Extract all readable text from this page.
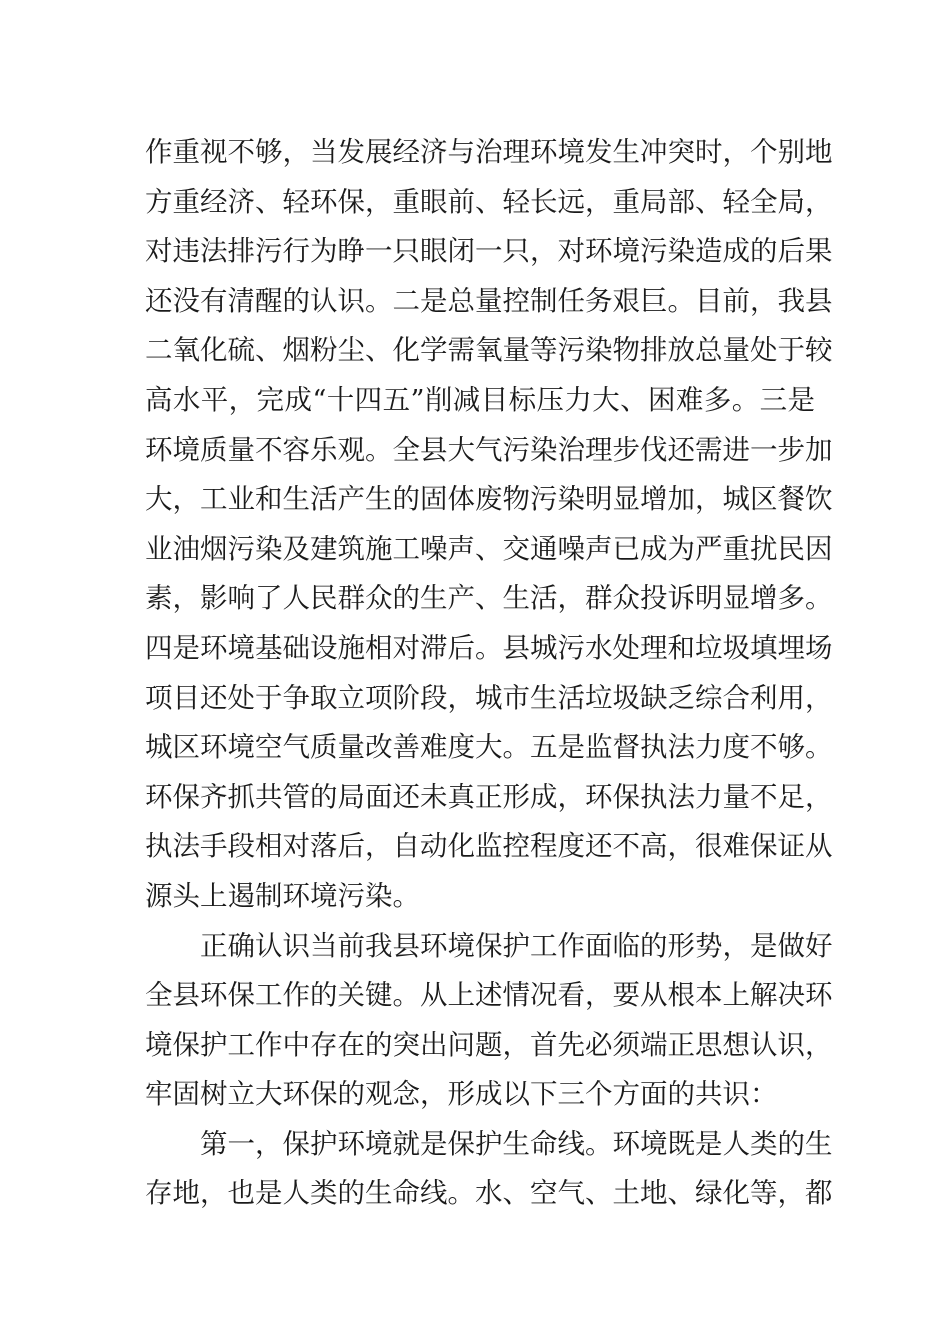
作重视不够，当发展经济与治理环境发生冲突时，个别地
方重经济、轻环保，重眼前、轻长远，重局部、轻全局，
对违法排污行为睁一只眼闭一只，对环境污染造成的后果
还没有清醒的认识。二是总量控制任务艰巨。目前，我县
二氧化硫、烟粉尘、化学需氧量等污染物排放总量处于较
高水平，完成“十四五”削减目标压力大、困难多。三是
环境质量不容乐观。全县大气污染治理步伐还需进一步加
大，工业和生活产生的固体废物污染明显增加，城区餐饮
业油烟污染及建筑施工噪声、交通噪声已成为严重扰民因
素，影响了人民群众的生产、生活，群众投诉明显增多。
四是环境基础设施相对滞后。县城污水处理和垃圾填埋场
项目还处于争取立项阶段，城市生活垃圾缺乏综合利用，
城区环境空气质量改善难度大。五是监督执法力度不够。
环保齐抓共管的局面还未真正形成，环保执法力量不足，
执法手段相对落后，自动化监控程度还不高，很难保证从
源头上遏制环境污染。
正确认识当前我县环境保护工作面临的形势，是做好
全县环保工作的关键。从上述情况看，要从根本上解决环
境保护工作中存在的突出问题，首先必须端正思想认识，
牢固树立大环保的观念，形成以下三个方面的共识：
第一，保护环境就是保护生命线。环境既是人类的生
存地，也是人类的生命线。水、空气、土地、绿化等，都
